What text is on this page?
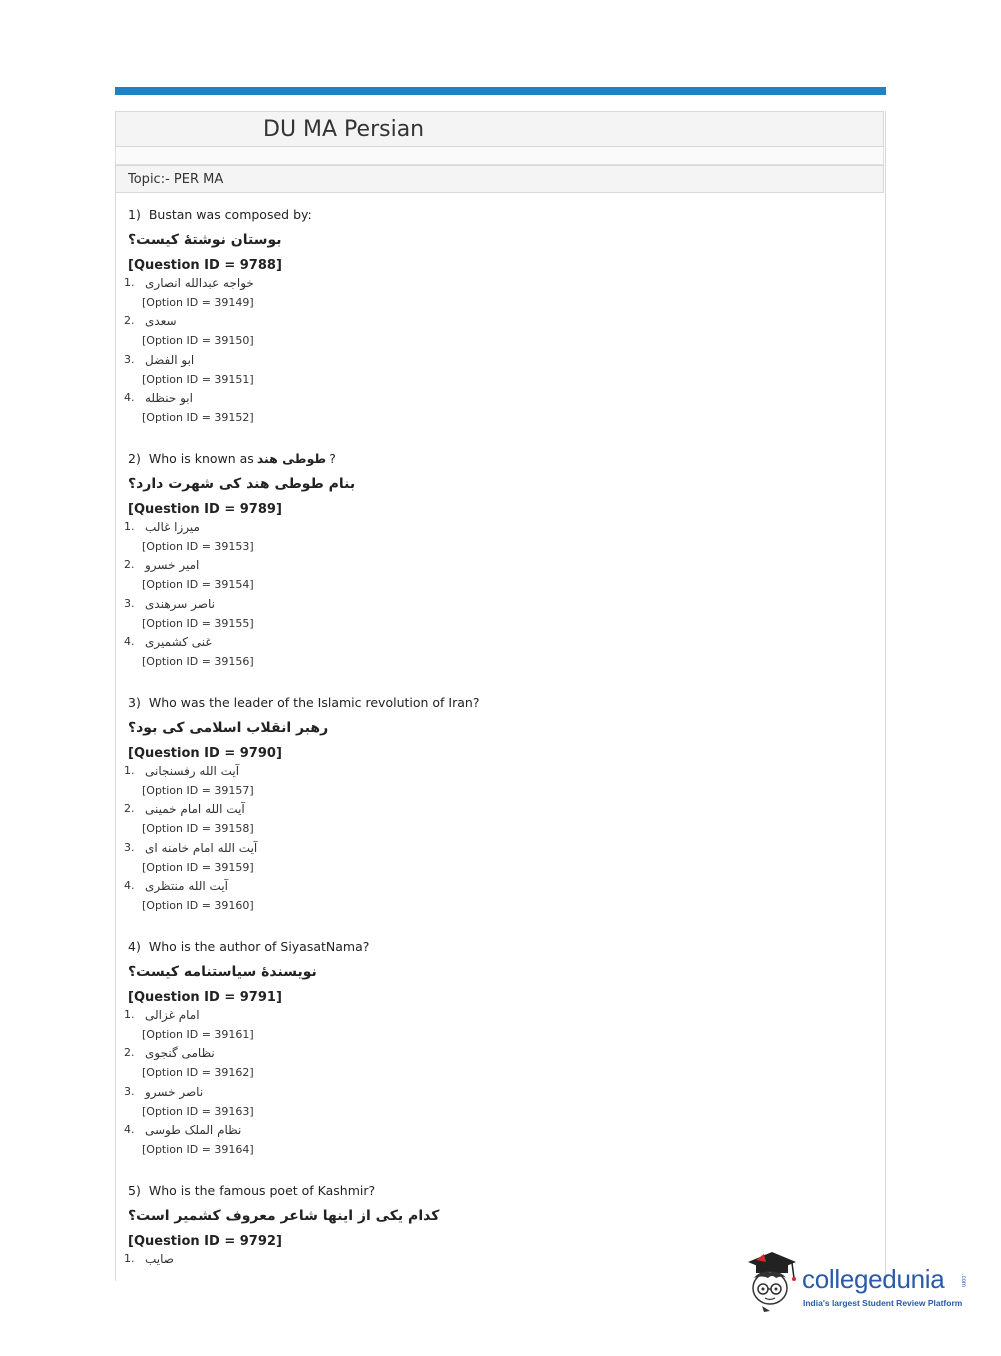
DU MA Persian
Topic:- PER MA
1) Bustan was composed by:
بوستان نوشتهٔ کیست؟
[Question ID = 9788]
1. خواجه عبدالله انصاری
[Option ID = 39149]
2. سعدی
[Option ID = 39150]
3. ابو الفضل
[Option ID = 39151]
4. ابو حنظله
[Option ID = 39152]
2) Who is known as طوطی هند ?
بنام طوطی هند کی شهرت دارد؟
[Question ID = 9789]
1. میرزا غالب
[Option ID = 39153]
2. امیر خسرو
[Option ID = 39154]
3. ناصر سرهندی
[Option ID = 39155]
4. غنی کشمیری
[Option ID = 39156]
3) Who was the leader of the Islamic revolution of Iran?
رهبر انقلاب اسلامی کی بود؟
[Question ID = 9790]
1. آیت الله رفسنجانی
[Option ID = 39157]
2. آیت الله امام خمینی
[Option ID = 39158]
3. آیت الله امام خامنه ای
[Option ID = 39159]
4. آیت الله منتظری
[Option ID = 39160]
4) Who is the author of SiyasatNama?
نویسندهٔ سیاستنامه کیست؟
[Question ID = 9791]
1. امام غزالی
[Option ID = 39161]
2. نظامی گنجوی
[Option ID = 39162]
3. ناصر خسرو
[Option ID = 39163]
4. نظام الملک طوسی
[Option ID = 39164]
5) Who is the famous poet of Kashmir?
کدام یکی از اینها شاعر معروف کشمیر است؟
[Question ID = 9792]
1. صایب
collegedunia	.com
India's largest Student Review Platform
